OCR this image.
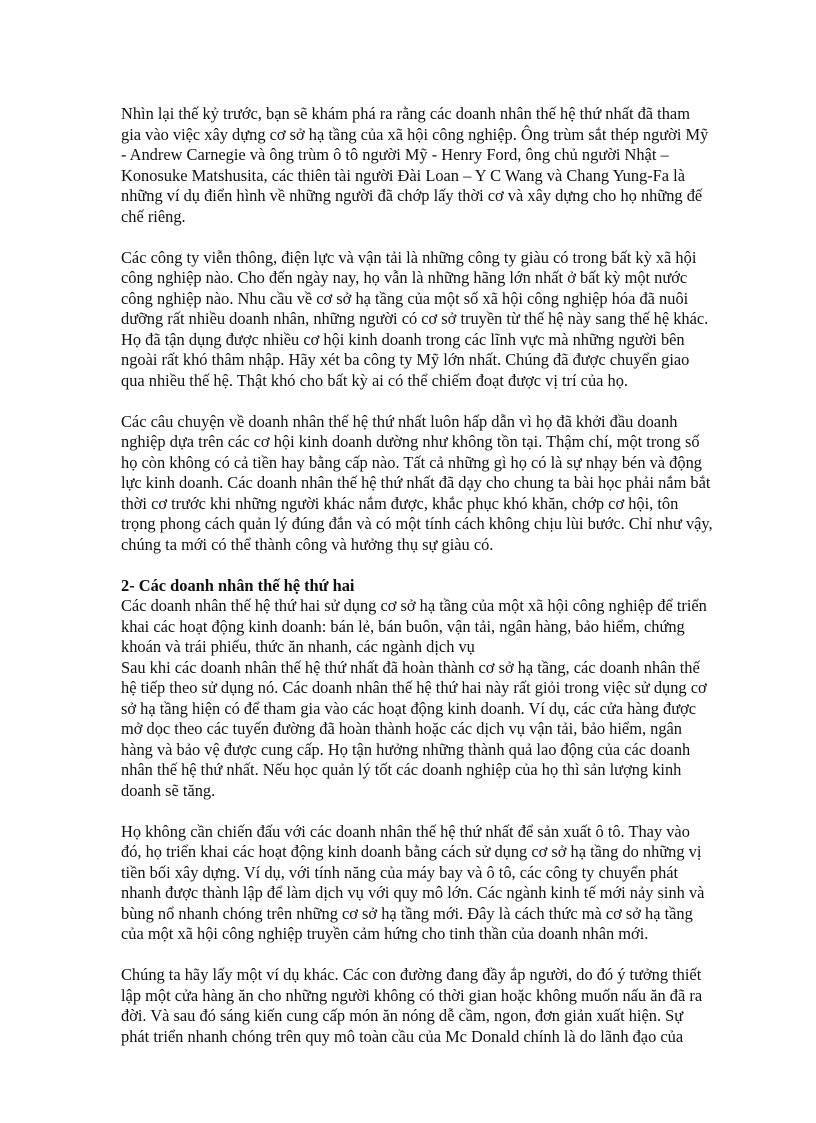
Nhìn lại thế kỷ trước, bạn sẽ khám phá ra rằng các doanh nhân thế hệ thứ nhất đã tham gia vào việc xây dựng cơ sở hạ tầng của xã hội công nghiệp. Ông trùm sắt thép người Mỹ - Andrew Carnegie và ông trùm ô tô người Mỹ - Henry Ford, ông chủ người Nhật – Konosuke Matshusita, các thiên tài người Đài Loan – Y C Wang và Chang Yung-Fa là những ví dụ điển hình về những người đã chớp lấy thời cơ và xây dựng cho họ những đế chế riêng.

Các công ty viễn thông, điện lực và vận tải là những công ty giàu có trong bất kỳ xã hội công nghiệp nào. Cho đến ngày nay, họ vẫn là những hãng lớn nhất ở bất kỳ một nước công nghiệp nào. Nhu cầu về cơ sở hạ tầng của một số xã hội công nghiệp hóa đã nuôi dưỡng rất nhiều doanh nhân, những người có cơ sở truyền từ thế hệ này sang thế hệ khác. Họ đã tận dụng được nhiều cơ hội kinh doanh trong các lĩnh vực mà những người bên ngoài rất khó thâm nhập. Hãy xét ba công ty Mỹ lớn nhất. Chúng đã được chuyển giao qua nhiều thế hệ. Thật khó cho bất kỳ ai có thể chiếm đoạt được vị trí của họ.

Các câu chuyện về doanh nhân thế hệ thứ nhất luôn hấp dẫn vì họ đã khởi đầu doanh nghiệp dựa trên các cơ hội kinh doanh dường như không tồn tại. Thậm chí, một trong số họ còn không có cả tiền hay bằng cấp nào. Tất cả những gì họ có là sự nhạy bén và động lực kinh doanh. Các doanh nhân thế hệ thứ nhất đã dạy cho chung ta bài học phải nắm bắt thời cơ trước khi những người khác nắm được, khắc phục khó khăn, chớp cơ hội, tôn trọng phong cách quản lý đúng đắn và có một tính cách không chịu lùi bước. Chỉ như vậy, chúng ta mới có thể thành công và hưởng thụ sự giàu có.

2- Các doanh nhân thế hệ thứ hai

Các doanh nhân thế hệ thứ hai sử dụng cơ sở hạ tầng của một xã hội công nghiệp để triển khai các hoạt động kinh doanh: bán lẻ, bán buôn, vận tải, ngân hàng, bảo hiểm, chứng khoán và trái phiếu, thức ăn nhanh, các ngành dịch vụ

Sau khi các doanh nhân thế hệ thứ nhất đã hoàn thành cơ sở hạ tầng, các doanh nhân thế hệ tiếp theo sử dụng nó. Các doanh nhân thế hệ thứ hai này rất giỏi trong việc sử dụng cơ sở hạ tầng hiện có để tham gia vào các hoạt động kinh doanh. Ví dụ, các cửa hàng được mở dọc theo các tuyến đường đã hoàn thành hoặc các dịch vụ vận tải, bảo hiểm, ngân hàng và bảo vệ được cung cấp. Họ tận hưởng những thành quả lao động của các doanh nhân thế hệ thứ nhất. Nếu học quản lý tốt các doanh nghiệp của họ thì sản lượng kinh doanh sẽ tăng.

Họ không cần chiến đấu với các doanh nhân thế hệ thứ nhất để sản xuất ô tô. Thay vào đó, họ triển khai các hoạt động kinh doanh bằng cách sử dụng cơ sở hạ tầng do những vị tiền bối xây dựng. Ví dụ, với tính năng của máy bay và ô tô, các công ty chuyển phát nhanh được thành lập để làm dịch vụ với quy mô lớn. Các ngành kinh tế mới nảy sinh và bùng nổ nhanh chóng trên những cơ sở hạ tầng mới. Đây là cách thức mà cơ sở hạ tầng của một xã hội công nghiệp truyền cảm hứng cho tinh thần của doanh nhân mới.

Chúng ta hãy lấy một ví dụ khác. Các con đường đang đầy ắp người, do đó ý tưởng thiết lập một cửa hàng ăn cho những người không có thời gian hoặc không muốn nấu ăn đã ra đời. Và sau đó sáng kiến cung cấp món ăn nóng dễ cầm, ngon, đơn giản xuất hiện. Sự phát triển nhanh chóng trên quy mô toàn cầu của Mc Donald chính là do lãnh đạo của
